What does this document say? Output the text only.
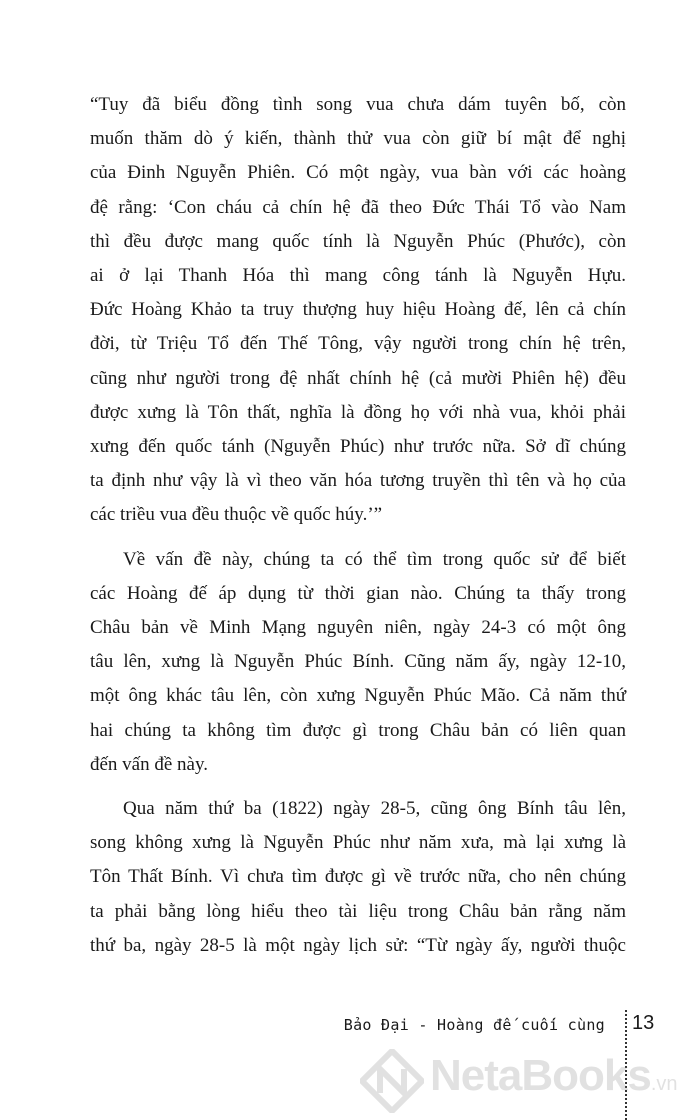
“Tuy đã biểu đồng tình song vua chưa dám tuyên bố, còn
muốn thăm dò ý kiến, thành thử vua còn giữ bí mật để nghị
của Đinh Nguyễn Phiên. Có một ngày, vua bàn với các hoàng
đệ rằng: ‘Con cháu cả chín hệ đã theo Đức Thái Tổ vào Nam
thì đều được mang quốc tính là Nguyễn Phúc (Phước), còn
ai ở lại Thanh Hóa thì mang công tánh là Nguyễn Hựu.
Đức Hoàng Khảo ta truy thượng huy hiệu Hoàng đế, lên cả chín
đời, từ Triệu Tổ đến Thế Tông, vậy người trong chín hệ trên,
cũng như người trong đệ nhất chính hệ (cả mười Phiên hệ) đều
được xưng là Tôn thất, nghĩa là đồng họ với nhà vua, khỏi phải
xưng đến quốc tánh (Nguyễn Phúc) như trước nữa. Sở dĩ chúng
ta định như vậy là vì theo văn hóa tương truyền thì tên và họ của
các triều vua đều thuộc về quốc húy.’”

Về vấn đề này, chúng ta có thể tìm trong quốc sử để biết
các Hoàng đế áp dụng từ thời gian nào. Chúng ta thấy trong
Châu bản về Minh Mạng nguyên niên, ngày 24-3 có một ông
tâu lên, xưng là Nguyễn Phúc Bính. Cũng năm ấy, ngày 12-10,
một ông khác tâu lên, còn xưng Nguyễn Phúc Mão. Cả năm thứ
hai chúng ta không tìm được gì trong Châu bản có liên quan
đến vấn đề này.

Qua năm thứ ba (1822) ngày 28-5, cũng ông Bính tâu lên,
song không xưng là Nguyễn Phúc như năm xưa, mà lại xưng là
Tôn Thất Bính. Vì chưa tìm được gì về trước nữa, cho nên chúng
ta phải bằng lòng hiểu theo tài liệu trong Châu bản rằng năm
thứ ba, ngày 28-5 là một ngày lịch sử: “Từ ngày ấy, người thuộc

Bảo Đại - Hoàng đế cuối cùng 13
NetaBooks.vn
